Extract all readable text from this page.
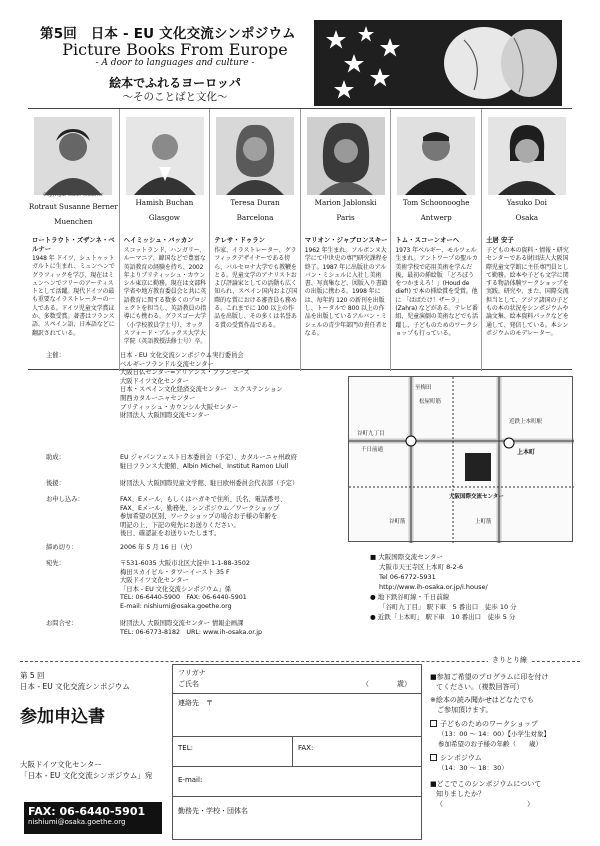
第5回　日本 - EU 文化交流シンポジウム
Picture Books From Europe
- A door to languages and culture -
絵本でふれるヨーロッパ
～そのことばと文化～
Copyright Guido Ohlhaver
Rotraut Susanne Berner
Muenchen
ロートラウト・ズザンネ・ベルナー
1948 年 ドイツ、シュトゥットガルトに生まれ、ミュンヘンでグラフィックを学び、現在はミュンヘンでフリーのアーティストとして活躍。現代ドイツの最も重要なイラストレーターの一人である。ドイツ児童文学賞ほか、多数受賞。著書はフランス語、スペイン語、日本語などに翻訳されている。
Hamish Buchan
Glasgow
ヘイミッシュ・バッカン
スコットランド、ハンガリー、ルーマニア、韓国などで豊富な英語教育の経験を持ち、2002 年よりブリティッシュ・カウンシル東京に勤務。現在は文部科学省や地方教育委員会と共に英語教育に関する数多くのプロジェクトを担当し、英語教員の指導にも携わる。グラスゴー大学（小学校教員学士号）、オックスフォード・ブルックス大学大学院（英語教授法修士号）卒。
Teresa Duran
Barcelona
テレサ・ドゥラン
作家、イラストレーター、グラフィックデザイナーである傍ら、バルセロナ大学でも教鞭をとる。児童文学のアナリストおよび評論家としての活動も広く知られ、スペイン国内および国際的な賞における審査員も務める。これまでに 100 以上の作品を出版し、その多くは名誉ある賞の受賞作品である。
Marion Jablonski
Paris
マリオン・ジャブロンスキー
1962 年生まれ。ソルボンヌ大学にて中世史の専門研究課程を終了。1987 年に出版社のアルバン・ミシェルに入社し美術書、写真集など、図版入り書籍の出版に携わる。1998 年には、毎年約 120 の新刊を出版し、トータルで 800 以上の作品を出版しているアルバン・ミシェルの青少年部門の責任者となる。
Tom Schoonooghe
Antwerp
トム・スコーンオーヘ
1973 年ベルギー、モルツェル生まれ。アントワープの聖ルカ美術学校で応用美術を学んだ後、最初の挿絵版 「どろぼうをつかまえろ！」(Houd de dief!) で本の挿絵賞を受賞。他に 「はばたけ！ザーラ」(Zahra) などがある。テレビ番組、児童演劇の美術などでも活躍し、子どものためのワークショップも行っている。
Yasuko Doi
Osaka
土居 安子
子どもの本の資料・情報・研究センターである財団法人大阪国際児童文学館に主任専門員として勤務。絵本や子ども文学に関する物語体験ワークショップを実践。研究や、また、国際交流担当として、アジア諸国の子どもの本の状況をシンポジウムや論文集、絵本資料パックなどを通して、発信している。本シンポジウムのモデレーター。
主催：	日本 - EU 文化交流シンポジウム実行委員会
ベルギーフランドル交流センター
大阪日仏センター=アリアンス・フランセーズ
大阪ドイツ文化センター
日本・スペイン文化経済交流センター　エクステンション
関西カタルーニャセンター
ブリティッシュ・カウンシル大阪センター
財団法人 大阪国際交流センター
助成：	EU ジャパンフェスト日本委員会（予定）、カタルーニャ州政府
駐日フランス大使館、Albin Michel、Institut Ramon Llull
後援：	財団法人 大阪国際児童文学館、駐日欧州委員会代表部（予定）
お申し込み：	FAX、Eメール、もしくはハガキで住所、氏名、電話番号、
FAX、Eメール、勤務先、シンポジウム／ワークショップ
参加希望の区別、ワークショップの場合お子様の年齢を
明記の上、下記の宛先にお送りください。
後日、確認証をお送りいたします。
締め切り：	2006 年 5 月 16 日（火）
宛先：	〒531-6035 大阪市北区大淀中 1-1-88-3502
梅田スカイビル・タワーイースト 35 F
大阪ドイツ文化センター
「日本 - EU 文化交流シンポジウム」係
TEL: 06-6440-5900　FAX: 06-6440-5901
E-mail: nishiumi@osaka.goethe.org
お問合せ：	財団法人 大阪国際交流センター 情報企画課
TEL: 06-6773-8182　URL: www.ih-osaka.or.jp
至梅田
大阪国際交流センター
上本町
谷町九丁目
近鉄上本町駅
千日前通
谷町筋	上町筋
松屋町筋
■ 大阪国際交流センター
大阪市天王寺区上本町 8-2-6
Tel 06-6772-5931
http://www.ih-osaka.or.jp/i.house/
● 地下鉄谷町線・千日前線
「谷町九丁目」 駅下車　5 番出口　徒歩 10 分
● 近鉄「上本町」 駅下車　10 番出口　徒歩 5 分
きりとり線
第 5 回
日本 - EU 文化交流シンポジウム
参加申込書
大阪ドイツ文化センター
「日本 - EU 文化交流シンポジウム」宛
FAX: 06-6440-5901
nishiumi@osaka.goethe.org
フリガナ
ご氏名	（　　　　歳）
連絡先　〒
TEL:	FAX:
E-mail:
勤務先・学校・団体名
■参加ご希望のプログラムに印を付け
てください。（複数回答可）
※絵本の読み聞かせはどなたでも
　ご参加頂けます。
子どものためのワークショップ
（13：00 ～ 14：00）【小学生対象】
参加希望のお子様の年齢（　　歳）
シンポジウム
（14：30 ～ 18：30）
■どこでこのシンポジウムについて
知りましたか？
（　　　　　　　　　　　　）
